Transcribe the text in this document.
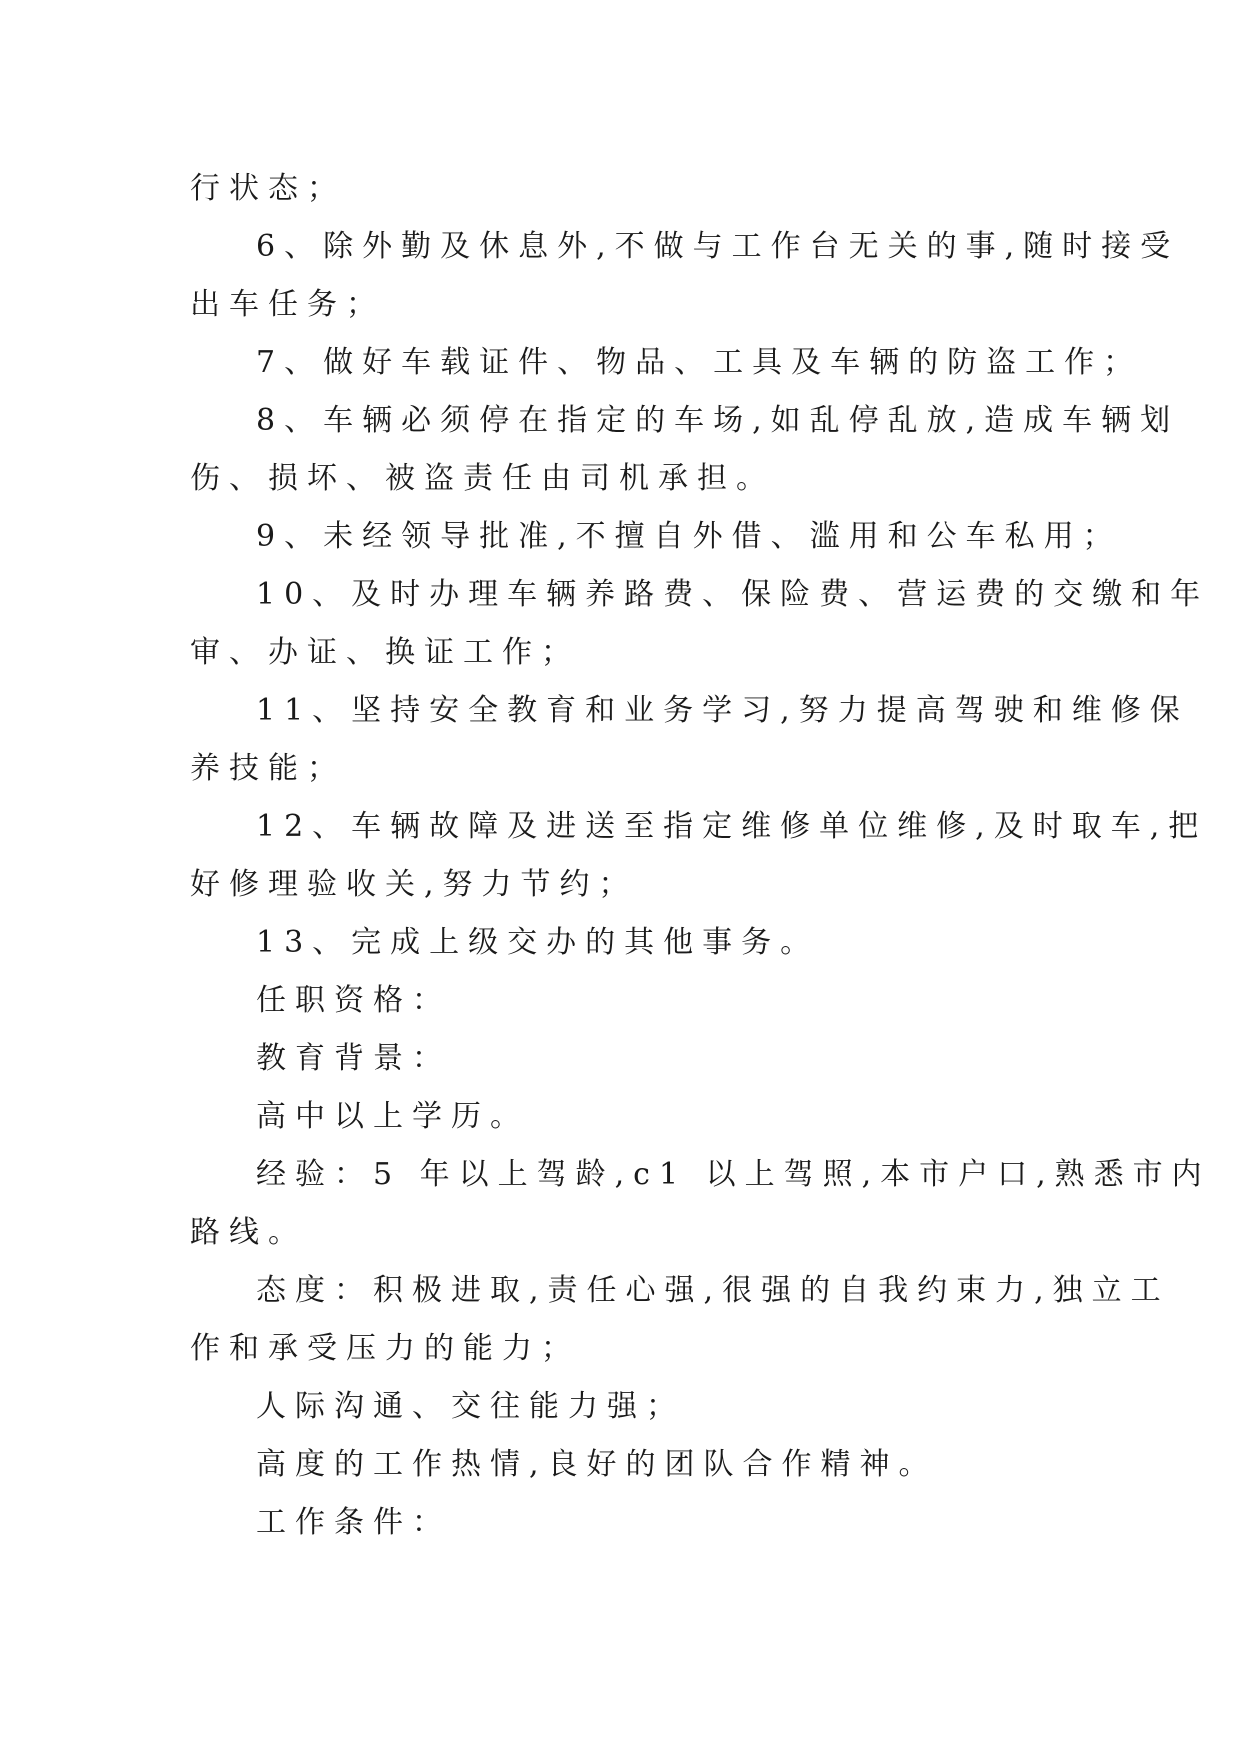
行状态；
6、除外勤及休息外,不做与工作台无关的事,随时接受
出车任务；
7、做好车载证件、物品、工具及车辆的防盗工作；
8、车辆必须停在指定的车场,如乱停乱放,造成车辆划
伤、损坏、被盗责任由司机承担。
9、未经领导批准,不擅自外借、滥用和公车私用；
10、及时办理车辆养路费、保险费、营运费的交缴和年
审、办证、换证工作；
11、坚持安全教育和业务学习,努力提高驾驶和维修保
养技能；
12、车辆故障及进送至指定维修单位维修,及时取车,把
好修理验收关,努力节约；
13、完成上级交办的其他事务。
任职资格：
教育背景：
高中以上学历。
经验：5 年以上驾龄,c1 以上驾照,本市户口,熟悉市内
路线。
态度：积极进取,责任心强,很强的自我约束力,独立工
作和承受压力的能力；
人际沟通、交往能力强；
高度的工作热情,良好的团队合作精神。
工作条件：
